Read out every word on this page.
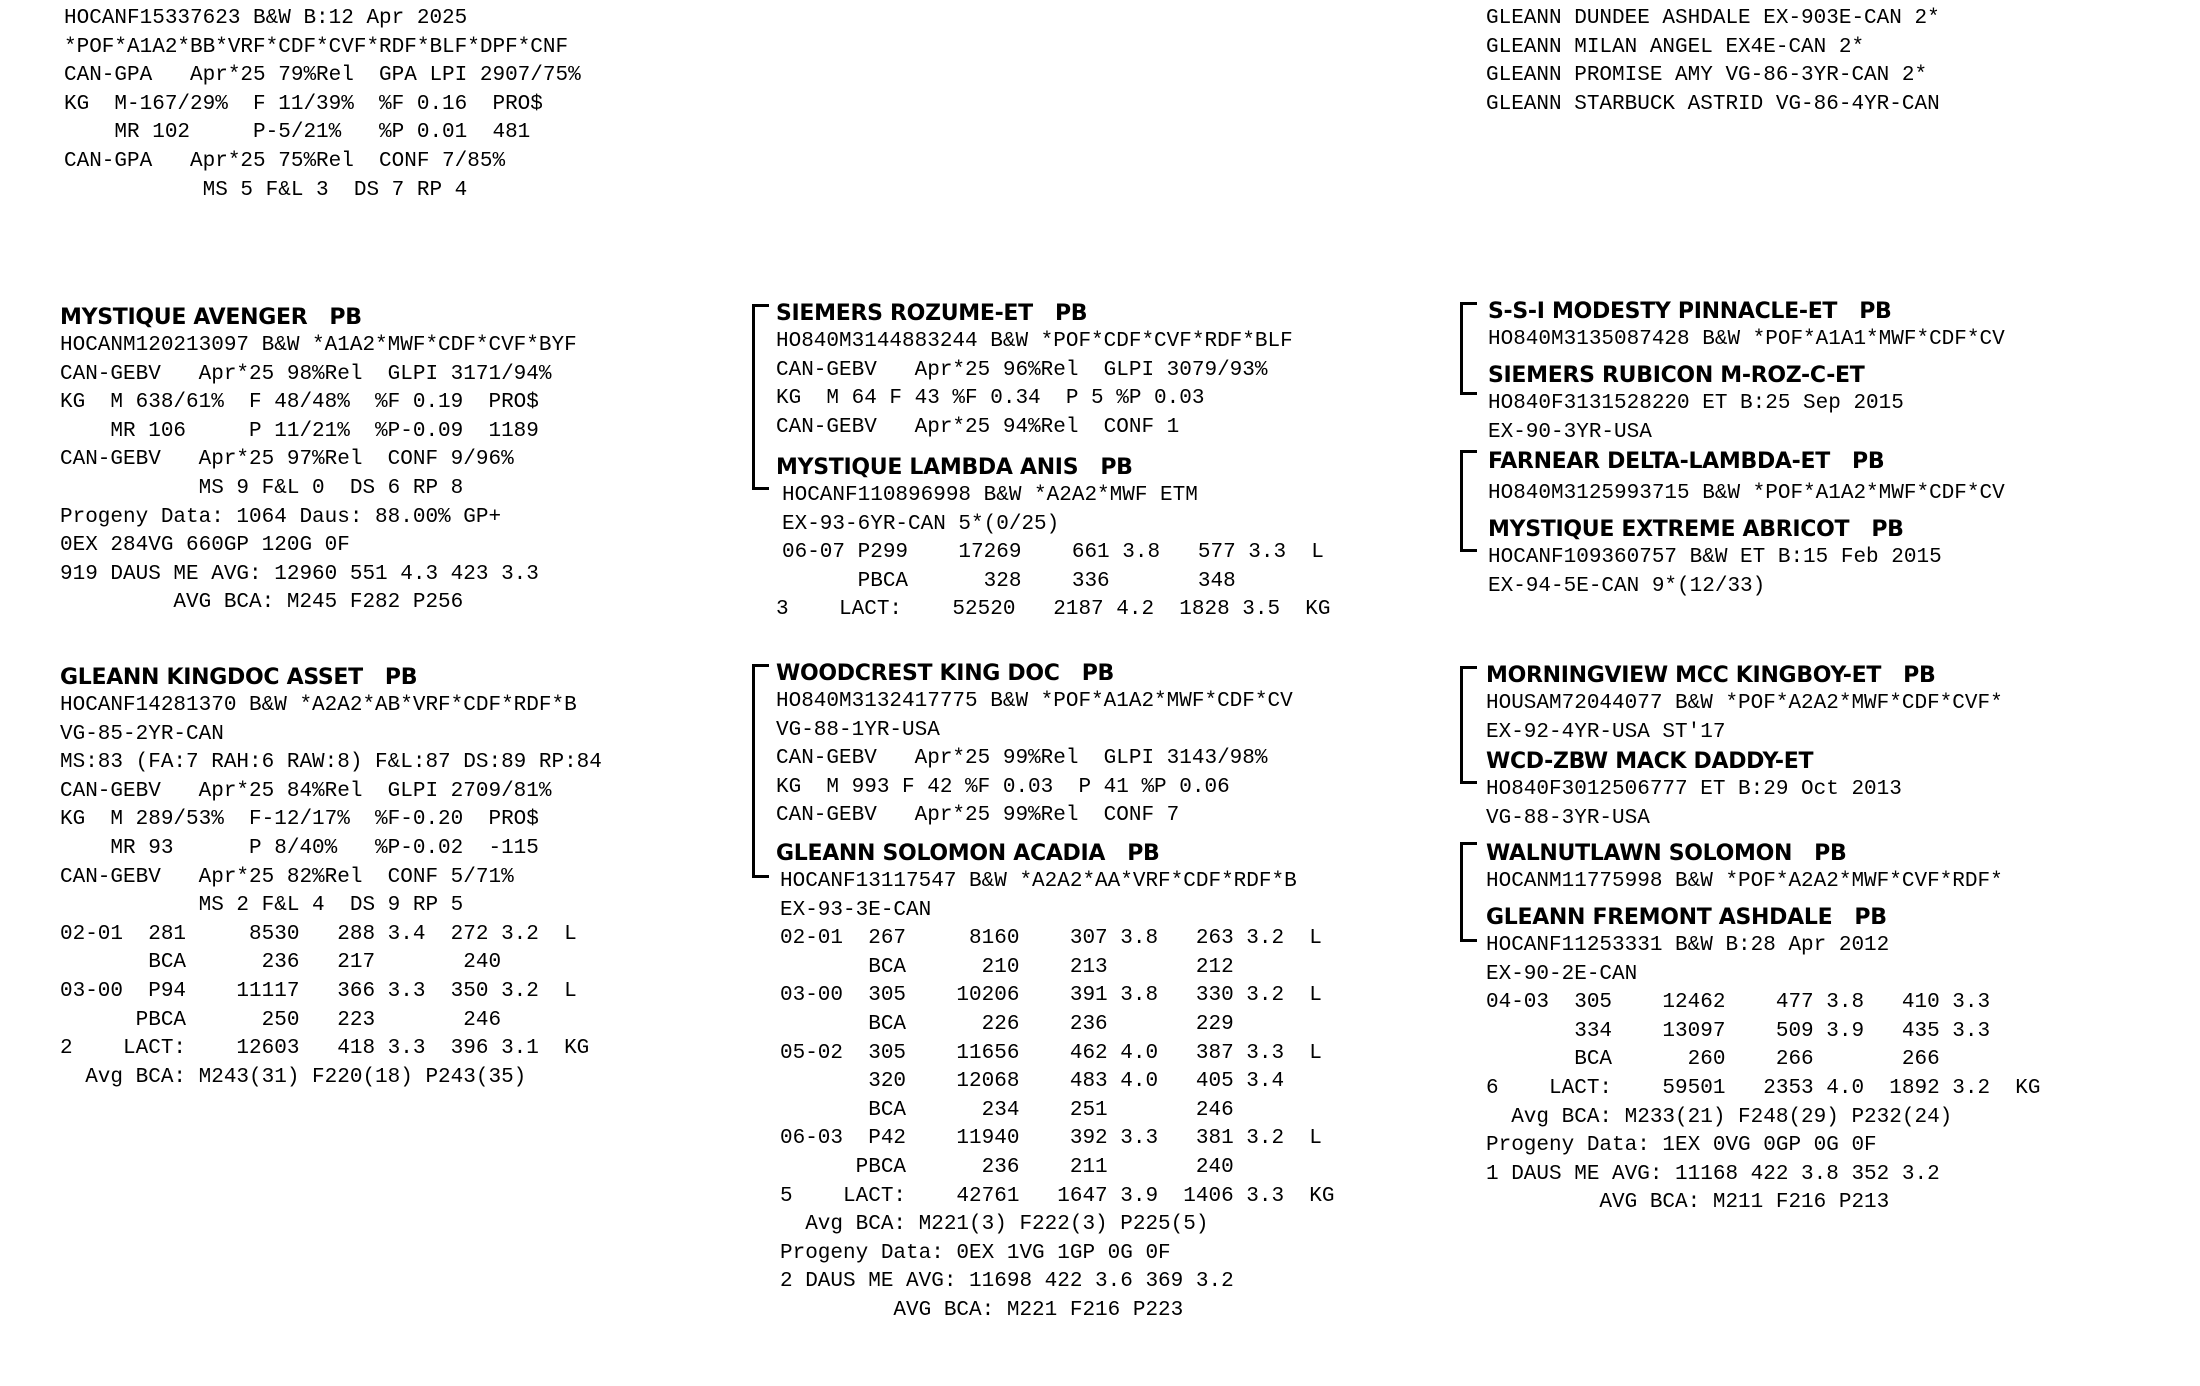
HOCANF15337623 B&W B:12 Apr 2025
*POF*A1A2*BB*VRF*CDF*CVF*RDF*BLF*DPF*CNF
CAN-GPA   Apr*25 79%Rel  GPA LPI 2907/75%
KG  M-167/29%  F 11/39%  %F 0.16  PRO$
MR 102     P-5/21%   %P 0.01  481
CAN-GPA   Apr*25 75%Rel  CONF 7/85%
MS 5 F&L 3  DS 7 RP 4
GLEANN DUNDEE ASHDALE EX-903E-CAN 2*
GLEANN MILAN ANGEL EX4E-CAN 2*
GLEANN PROMISE AMY VG-86-3YR-CAN 2*
GLEANN STARBUCK ASTRID VG-86-4YR-CAN
MYSTIQUE AVENGER   PB
HOCANM120213097 B&W *A1A2*MWF*CDF*CVF*BYF
CAN-GEBV   Apr*25 98%Rel  GLPI 3171/94%
KG  M 638/61%  F 48/48%  %F 0.19  PRO$
MR 106     P 11/21%  %P-0.09  1189
CAN-GEBV   Apr*25 97%Rel  CONF 9/96%
MS 9 F&L 0  DS 6 RP 8
Progeny Data: 1064 Daus: 88.00% GP+
0EX 284VG 660GP 120G 0F
919 DAUS ME AVG: 12960 551 4.3 423 3.3
AVG BCA: M245 F282 P256
GLEANN KINGDOC ASSET   PB
HOCANF14281370 B&W *A2A2*AB*VRF*CDF*RDF*B
VG-85-2YR-CAN
MS:83 (FA:7 RAH:6 RAW:8) F&L:87 DS:89 RP:84
CAN-GEBV   Apr*25 84%Rel  GLPI 2709/81%
KG  M 289/53%  F-12/17%  %F-0.20  PRO$
MR 93      P 8/40%   %P-0.02  -115
CAN-GEBV   Apr*25 82%Rel  CONF 5/71%
MS 2 F&L 4  DS 9 RP 5
02-01  281     8530   288 3.4  272 3.2  L
BCA      236   217       240
03-00  P94    11117   366 3.3  350 3.2  L
PBCA      250   223       246
2    LACT:    12603   418 3.3  396 3.1  KG
Avg BCA: M243(31) F220(18) P243(35)
SIEMERS ROZUME-ET   PB
HO840M3144883244 B&W *POF*CDF*CVF*RDF*BLF
CAN-GEBV   Apr*25 96%Rel  GLPI 3079/93%
KG  M 64 F 43 %F 0.34  P 5 %P 0.03
CAN-GEBV   Apr*25 94%Rel  CONF 1
MYSTIQUE LAMBDA ANIS   PB
HOCANF110896998 B&W *A2A2*MWF ETM
EX-93-6YR-CAN 5*(0/25)
06-07 P299    17269    661 3.8   577 3.3  L
PBCA      328    336       348
3    LACT:    52520   2187 4.2  1828 3.5  KG
WOODCREST KING DOC   PB
HO840M3132417775 B&W *POF*A1A2*MWF*CDF*CV
VG-88-1YR-USA
CAN-GEBV   Apr*25 99%Rel  GLPI 3143/98%
KG  M 993 F 42 %F 0.03  P 41 %P 0.06
CAN-GEBV   Apr*25 99%Rel  CONF 7
GLEANN SOLOMON ACADIA   PB
HOCANF13117547 B&W *A2A2*AA*VRF*CDF*RDF*B
EX-93-3E-CAN
02-01  267     8160    307 3.8   263 3.2  L
BCA      210    213       212
03-00  305    10206    391 3.8   330 3.2  L
BCA      226    236       229
05-02  305    11656    462 4.0   387 3.3  L
320    12068    483 4.0   405 3.4
BCA      234    251       246
06-03  P42    11940    392 3.3   381 3.2  L
PBCA      236    211       240
5    LACT:    42761   1647 3.9  1406 3.3  KG
Avg BCA: M221(3) F222(3) P225(5)
Progeny Data: 0EX 1VG 1GP 0G 0F
2 DAUS ME AVG: 11698 422 3.6 369 3.2
AVG BCA: M221 F216 P223
S-S-I MODESTY PINNACLE-ET   PB
HO840M3135087428 B&W *POF*A1A1*MWF*CDF*CV
SIEMERS RUBICON M-ROZ-C-ET
HO840F3131528220 ET B:25 Sep 2015
EX-90-3YR-USA
FARNEAR DELTA-LAMBDA-ET   PB
HO840M3125993715 B&W *POF*A1A2*MWF*CDF*CV
MYSTIQUE EXTREME ABRICOT   PB
HOCANF109360757 B&W ET B:15 Feb 2015
EX-94-5E-CAN 9*(12/33)
MORNINGVIEW MCC KINGBOY-ET   PB
HOUSAM72044077 B&W *POF*A2A2*MWF*CDF*CVF*
EX-92-4YR-USA ST'17
WCD-ZBW MACK DADDY-ET
HO840F3012506777 ET B:29 Oct 2013
VG-88-3YR-USA
WALNUTLAWN SOLOMON   PB
HOCANM11775998 B&W *POF*A2A2*MWF*CVF*RDF*
GLEANN FREMONT ASHDALE   PB
HOCANF11253331 B&W B:28 Apr 2012
EX-90-2E-CAN
04-03  305    12462    477 3.8   410 3.3
334    13097    509 3.9   435 3.3
BCA      260    266       266
6    LACT:    59501   2353 4.0  1892 3.2  KG
Avg BCA: M233(21) F248(29) P232(24)
Progeny Data: 1EX 0VG 0GP 0G 0F
1 DAUS ME AVG: 11168 422 3.8 352 3.2
AVG BCA: M211 F216 P213
